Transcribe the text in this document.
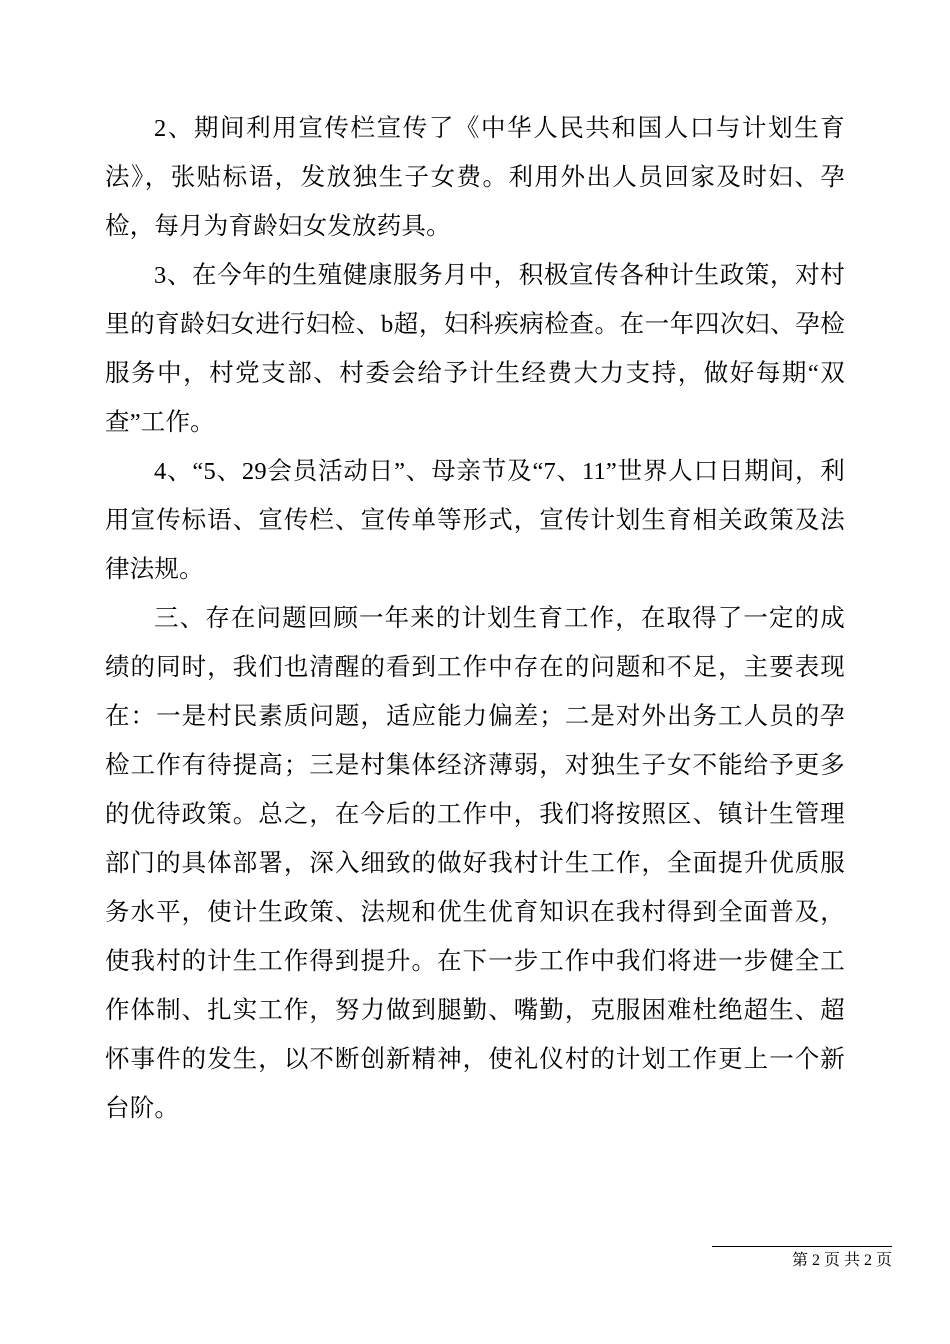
2、期间利用宣传栏宣传了《中华人民共和国人口与计划生育法》，张贴标语，发放独生子女费。利用外出人员回家及时妇、孕检，每月为育龄妇女发放药具。

3、在今年的生殖健康服务月中，积极宣传各种计生政策，对村里的育龄妇女进行妇检、b超，妇科疾病检查。在一年四次妇、孕检服务中，村党支部、村委会给予计生经费大力支持，做好每期“双查”工作。

4、“5、29会员活动日”、母亲节及“7、11”世界人口日期间，利用宣传标语、宣传栏、宣传单等形式，宣传计划生育相关政策及法律法规。

三、存在问题回顾一年来的计划生育工作，在取得了一定的成绩的同时，我们也清醒的看到工作中存在的问题和不足，主要表现在：一是村民素质问题，适应能力偏差；二是对外出务工人员的孕检工作有待提高；三是村集体经济薄弱，对独生子女不能给予更多的优待政策。总之，在今后的工作中，我们将按照区、镇计生管理部门的具体部署，深入细致的做好我村计生工作，全面提升优质服务水平，使计生政策、法规和优生优育知识在我村得到全面普及，使我村的计生工作得到提升。在下一步工作中我们将进一步健全工作体制、扎实工作，努力做到腿勤、嘴勤，克服困难杜绝超生、超怀事件的发生，以不断创新精神，使礼仪村的计划工作更上一个新台阶。

第 2 页 共 2 页
